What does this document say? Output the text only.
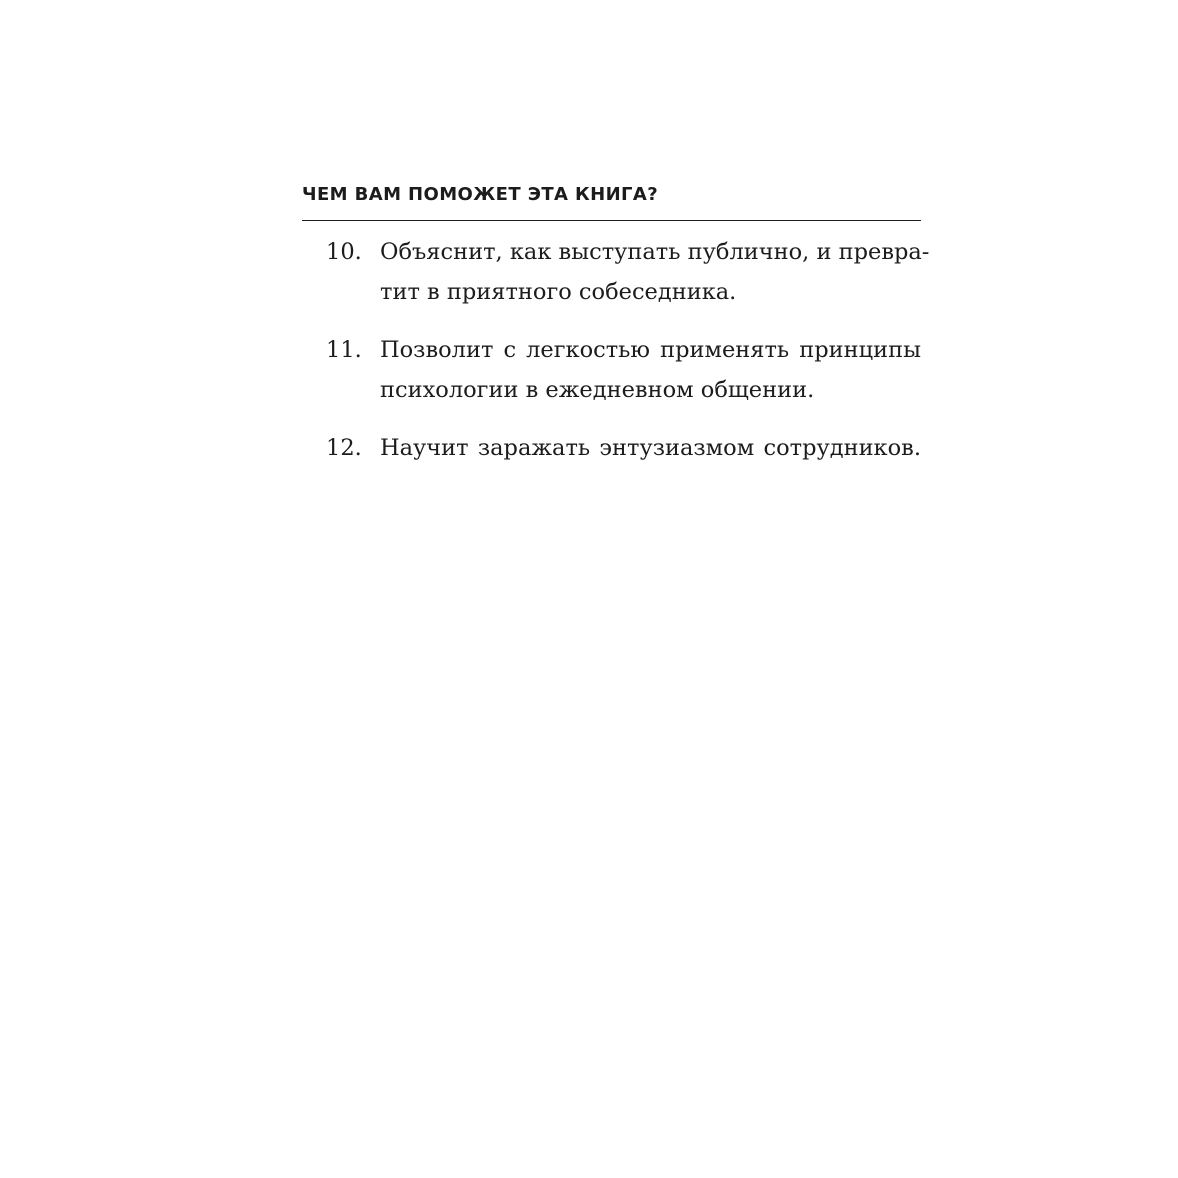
ЧЕМ ВАМ ПОМОЖЕТ ЭТА КНИГА?
10. Объяснит, как выступать публично, и превра-
тит в приятного собеседника.
11. Позволит с легкостью применять принципы
психологии в ежедневном общении.
12. Научит заражать энтузиазмом сотрудников.
